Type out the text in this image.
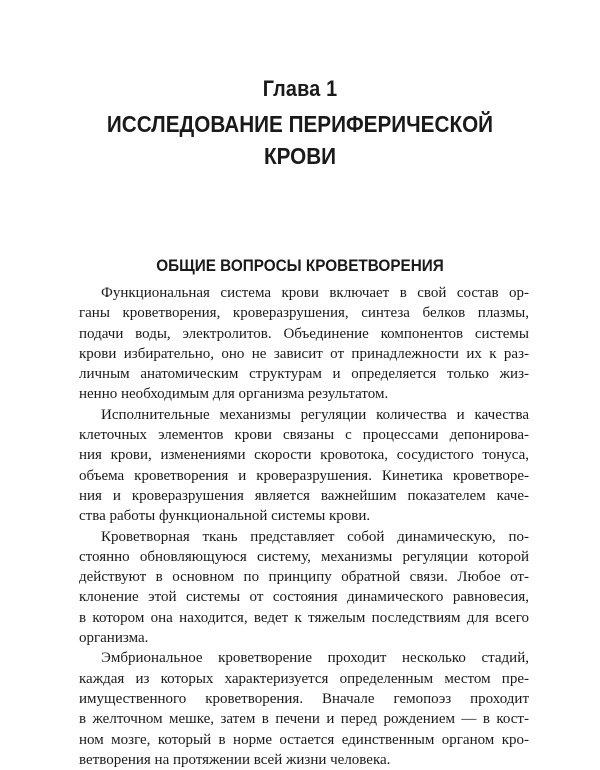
Глава 1
ИССЛЕДОВАНИЕ ПЕРИФЕРИЧЕСКОЙ
КРОВИ
ОБЩИЕ ВОПРОСЫ КРОВЕТВОРЕНИЯ
Функциональная система крови включает в свой состав ор-
ганы кроветворения, кроверазрушения, синтеза белков плазмы,
подачи воды, электролитов. Объединение компонентов системы
крови избирательно, оно не зависит от принадлежности их к раз-
личным анатомическим структурам и определяется только жиз-
ненно необходимым для организма результатом.
Исполнительные механизмы регуляции количества и качества
клеточных элементов крови связаны с процессами депонирова-
ния крови, изменениями скорости кровотока, сосудистого тонуса,
объема кроветворения и кроверазрушения. Кинетика кроветворе-
ния и кроверазрушения является важнейшим показателем каче-
ства работы функциональной системы крови.
Кроветворная ткань представляет собой динамическую, по-
стоянно обновляющуюся систему, механизмы регуляции которой
действуют в основном по принципу обратной связи. Любое от-
клонение этой системы от состояния динамического равновесия,
в котором она находится, ведет к тяжелым последствиям для всего
организма.
Эмбриональное кроветворение проходит несколько стадий,
каждая из которых характеризуется определенным местом пре-
имущественного кроветворения. Вначале гемопоэз проходит
в желточном мешке, затем в печени и перед рождением — в кост-
ном мозге, который в норме остается единственным органом кро-
ветворения на протяжении всей жизни человека.
